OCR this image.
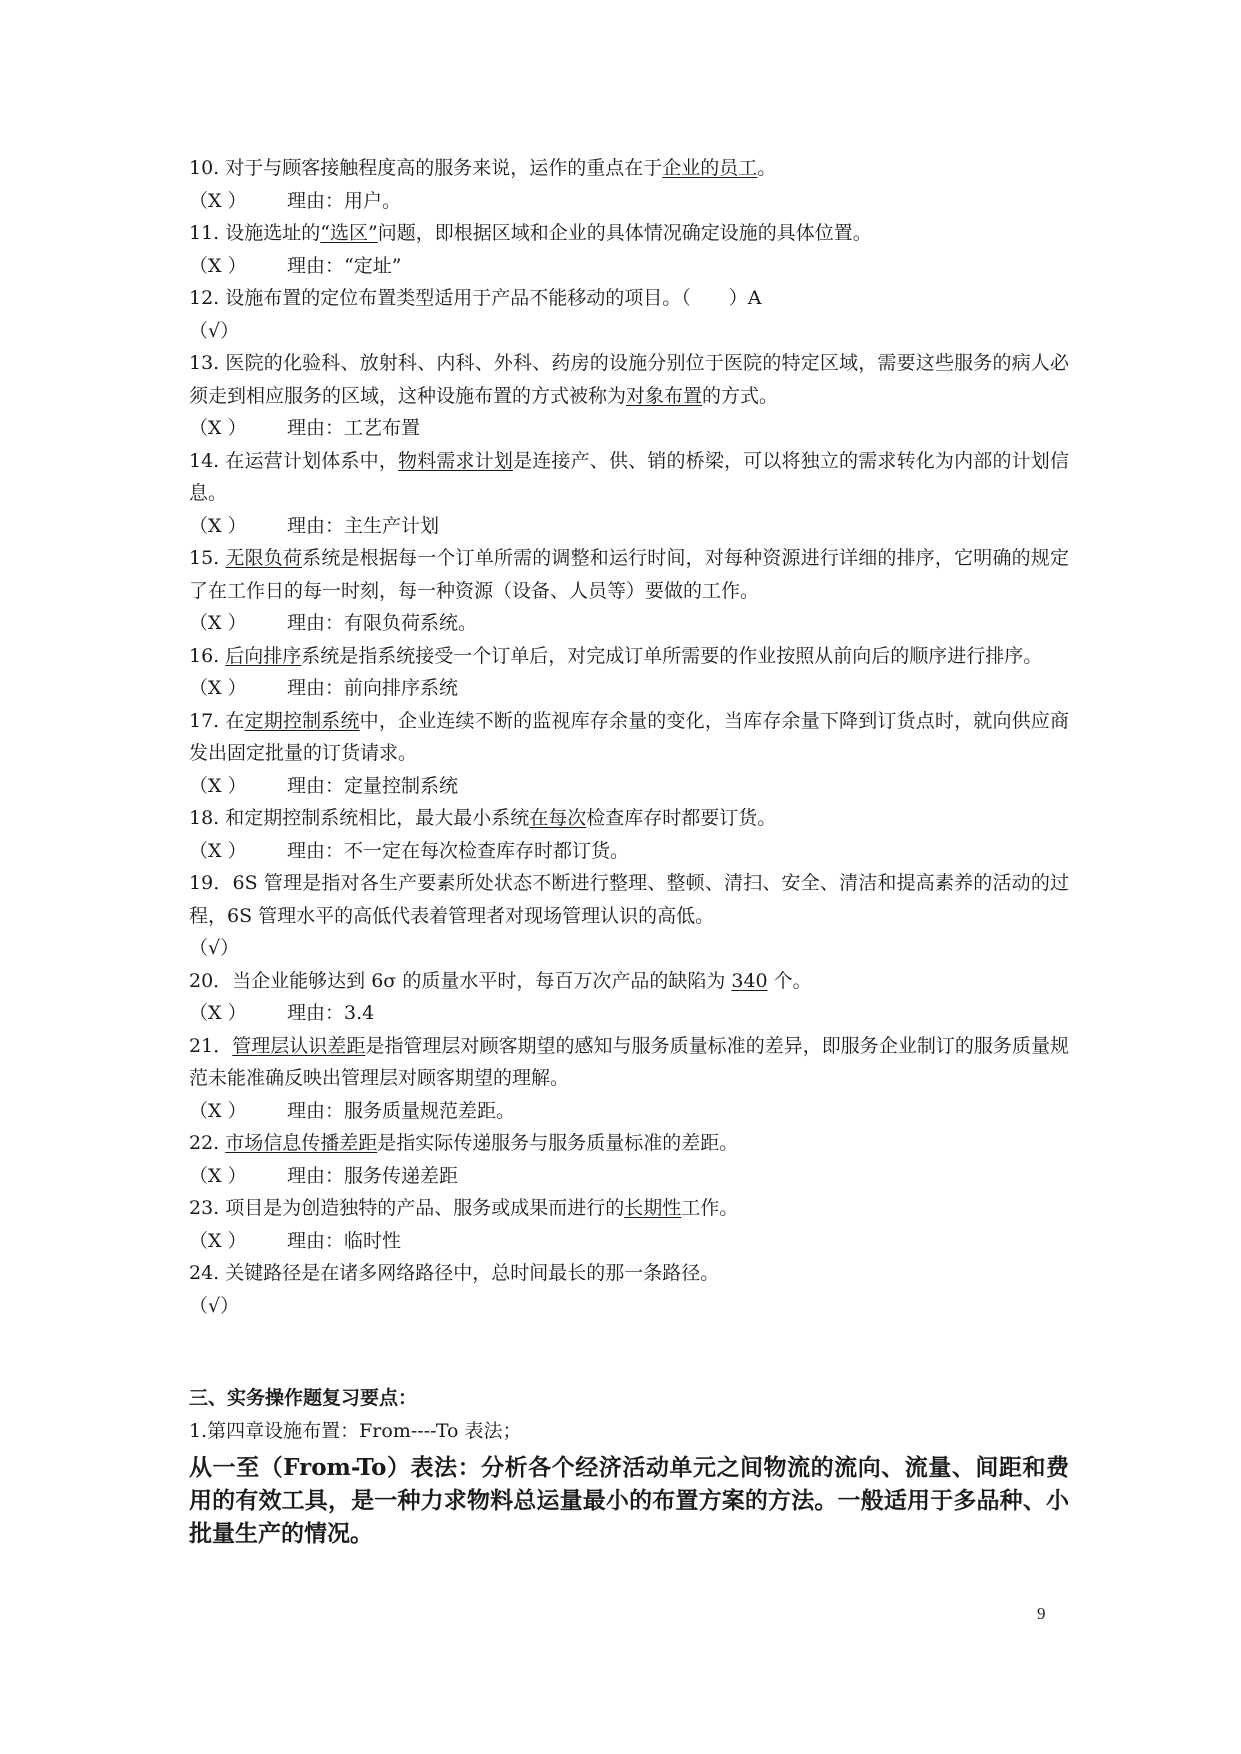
10. 对于与顾客接触程度高的服务来说，运作的重点在于企业的员工。
（X ） 理由：用户。
11. 设施选址的“选区”问题，即根据区域和企业的具体情况确定设施的具体位置。
（X ） 理由：“定址”
12. 设施布置的定位布置类型适用于产品不能移动的项目。（　　）A
（√）
13. 医院的化验科、放射科、内科、外科、药房的设施分别位于医院的特定区域，需要这些服务的病人必须走到相应服务的区域，这种设施布置的方式被称为对象布置的方式。
（X ） 理由：工艺布置
14. 在运营计划体系中，物料需求计划是连接产、供、销的桥梁，可以将独立的需求转化为内部的计划信息。
（X ） 理由：主生产计划
15. 无限负荷系统是根据每一个订单所需的调整和运行时间，对每种资源进行详细的排序，它明确的规定了在工作日的每一时刻，每一种资源（设备、人员等）要做的工作。
（X ） 理由：有限负荷系统。
16. 后向排序系统是指系统接受一个订单后，对完成订单所需要的作业按照从前向后的顺序进行排序。
（X ） 理由：前向排序系统
17. 在定期控制系统中，企业连续不断的监视库存余量的变化，当库存余量下降到订货点时，就向供应商发出固定批量的订货请求。
（X ） 理由：定量控制系统
18. 和定期控制系统相比，最大最小系统在每次检查库存时都要订货。
（X ） 理由：不一定在每次检查库存时都订货。
19．6S 管理是指对各生产要素所处状态不断进行整理、整顿、清扫、安全、清洁和提高素养的活动的过程，6S 管理水平的高低代表着管理者对现场管理认识的高低。
（√）
20．当企业能够达到 6σ 的质量水平时，每百万次产品的缺陷为 340 个。
（X ） 理由：3.4
21．管理层认识差距是指管理层对顾客期望的感知与服务质量标准的差异，即服务企业制订的服务质量规范未能准确反映出管理层对顾客期望的理解。
（X ） 理由：服务质量规范差距。
22. 市场信息传播差距是指实际传递服务与服务质量标准的差距。
（X ） 理由：服务传递差距
23. 项目是为创造独特的产品、服务或成果而进行的长期性工作。
（X ） 理由：临时性
24. 关键路径是在诸多网络路径中，总时间最长的那一条路径。
（√）
三、实务操作题复习要点：
1.第四章设施布置：From----To 表法；
从一至（From-To）表法：分析各个经济活动单元之间物流的流向、流量、间距和费用的有效工具，是一种力求物料总运量最小的布置方案的方法。一般适用于多品种、小批量生产的情况。
9
